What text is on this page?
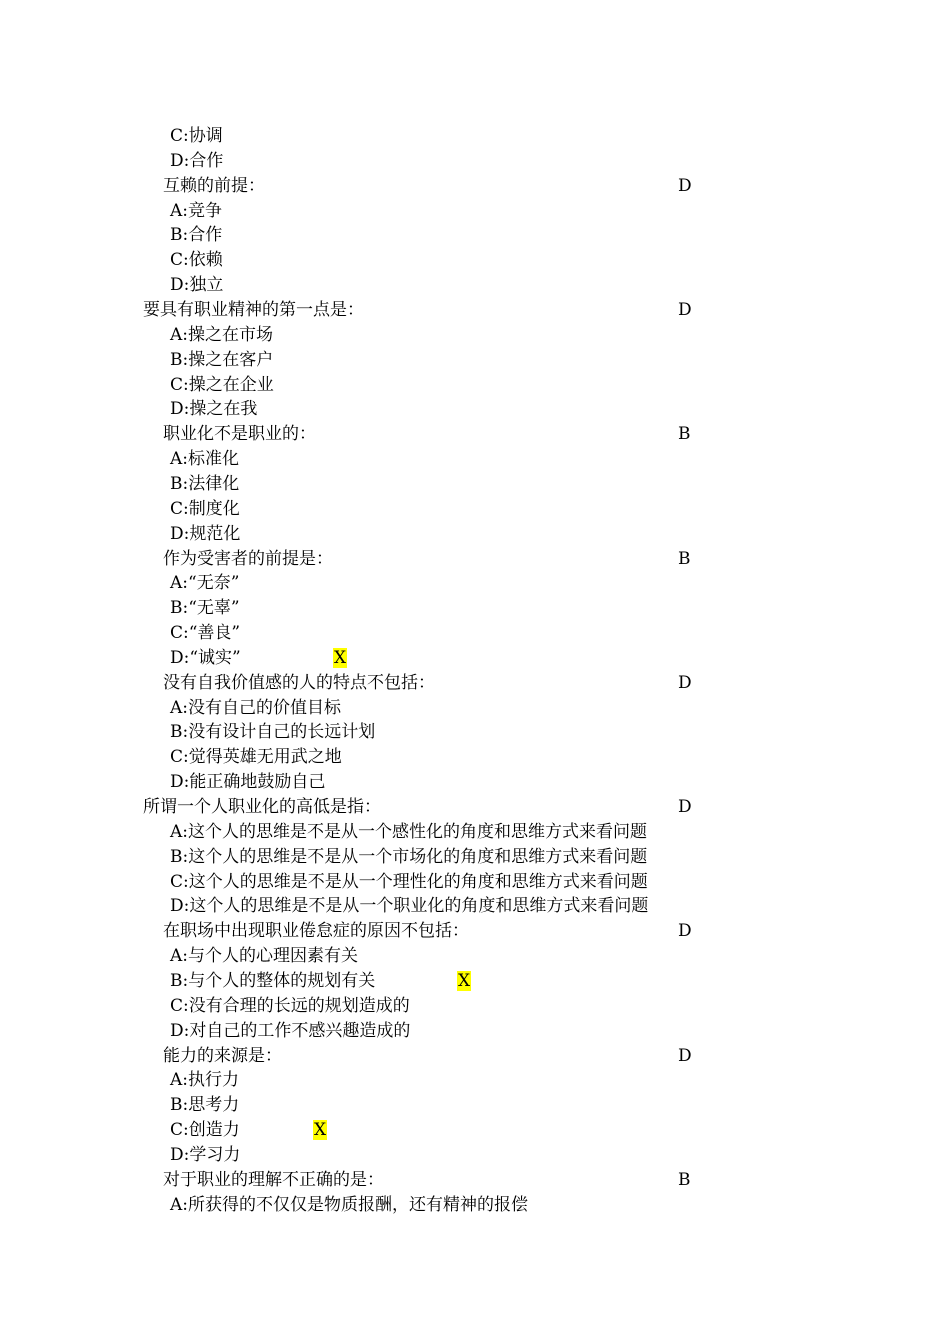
C:协调
D:合作
互赖的前提：	D
A:竞争
B:合作
C:依赖
D:独立
要具有职业精神的第一点是：	D
A:操之在市场
B:操之在客户
C:操之在企业
D:操之在我
职业化不是职业的：	B
A:标准化
B:法律化
C:制度化
D:规范化
作为受害者的前提是：	B
A:“无奈”
B:“无辜”
C:“善良”
D:“诚实”	X
没有自我价值感的人的特点不包括：	D
A:没有自己的价值目标
B:没有设计自己的长远计划
C:觉得英雄无用武之地
D:能正确地鼓励自己
所谓一个人职业化的高低是指：	D
A:这个人的思维是不是从一个感性化的角度和思维方式来看问题
B:这个人的思维是不是从一个市场化的角度和思维方式来看问题
C:这个人的思维是不是从一个理性化的角度和思维方式来看问题
D:这个人的思维是不是从一个职业化的角度和思维方式来看问题
在职场中出现职业倦怠症的原因不包括：	D
A:与个人的心理因素有关
B:与个人的整体的规划有关	X
C:没有合理的长远的规划造成的
D:对自己的工作不感兴趣造成的
能力的来源是：	D
A:执行力
B:思考力
C:创造力	X
D:学习力
对于职业的理解不正确的是：	B
A:所获得的不仅仅是物质报酬，还有精神的报偿
